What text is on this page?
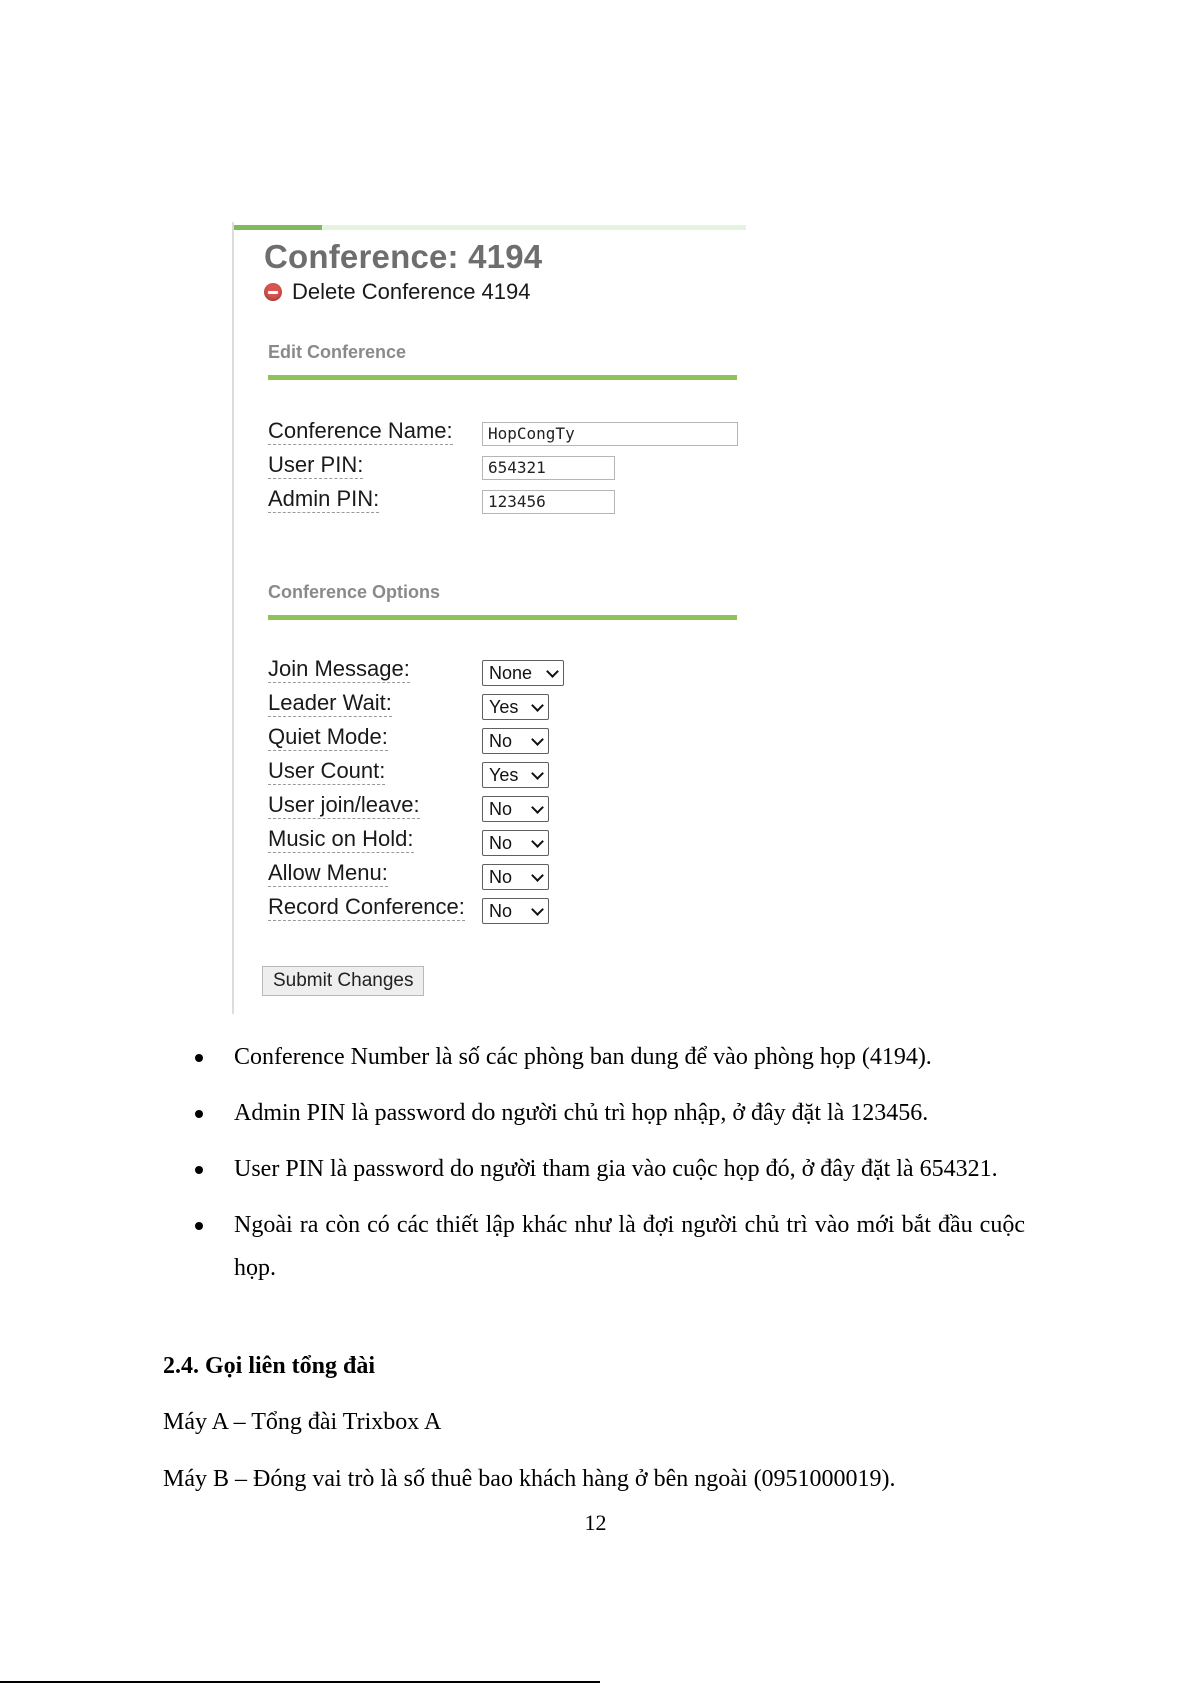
Conference: 4194
Delete Conference 4194
Edit Conference
Conference Name:	HopCongTy
User PIN:	654321
Admin PIN:	123456
Conference Options
Join Message:	None
Leader Wait:	Yes
Quiet Mode:	No
User Count:	Yes
User join/leave:	No
Music on Hold:	No
Allow Menu:	No
Record Conference: No
Submit Changes
Conference Number là số các phòng ban dung để vào phòng họp (4194).
Admin PIN là password do người chủ trì họp nhập, ở đây đặt là 123456.
User PIN là password do người tham gia vào cuộc họp đó, ở đây đặt là 654321.
Ngoài ra còn có các thiết lập khác như là đợi người chủ trì vào mới bắt đầu cuộc họp.
2.4. Gọi liên tổng đài
Máy A – Tổng đài Trixbox A
Máy B – Đóng vai trò là số thuê bao khách hàng ở bên ngoài (0951000019).
12
